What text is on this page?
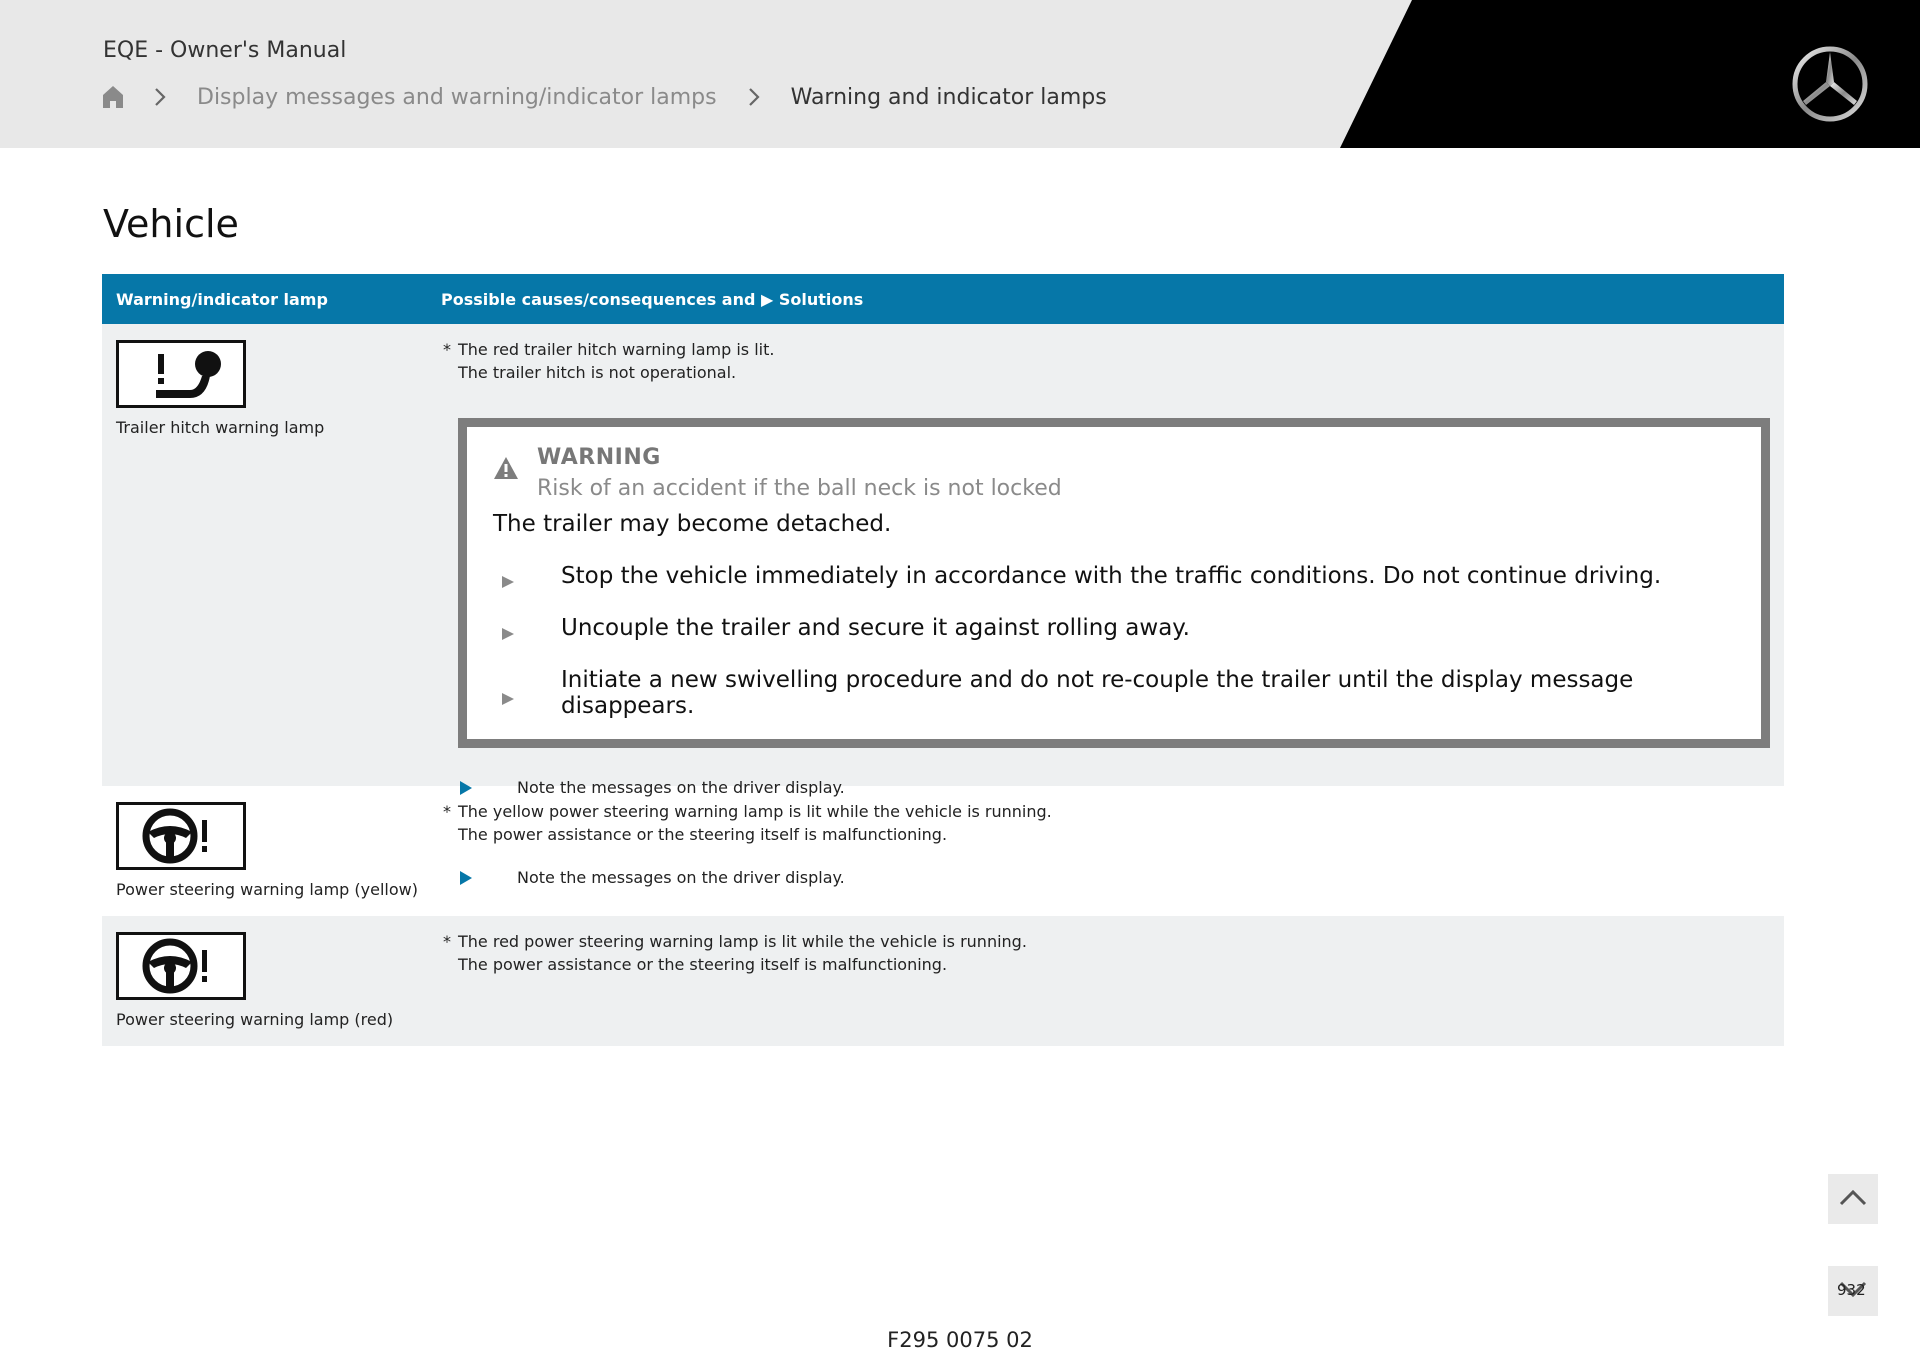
EQE - Owner's Manual
Display messages and warning/indicator lamps	Warning and indicator lamps
Vehicle
Warning/indicator lamp	Possible causes/consequences and ▶ Solutions
Trailer hitch warning lamp
* The red trailer hitch warning lamp is lit.
The trailer hitch is not operational.
WARNING
Risk of an accident if the ball neck is not locked
The trailer may become detached.
Stop the vehicle immediately in accordance with the traffic conditions. Do not continue driving.
Uncouple the trailer and secure it against rolling away.
Initiate a new swivelling procedure and do not re-couple the trailer until the display message disappears.
Note the messages on the driver display.
Power steering warning lamp (yellow)
* The yellow power steering warning lamp is lit while the vehicle is running.
The power assistance or the steering itself is malfunctioning.
Note the messages on the driver display.
Power steering warning lamp (red)
* The red power steering warning lamp is lit while the vehicle is running.
The power assistance or the steering itself is malfunctioning.
932
F295 0075 02
